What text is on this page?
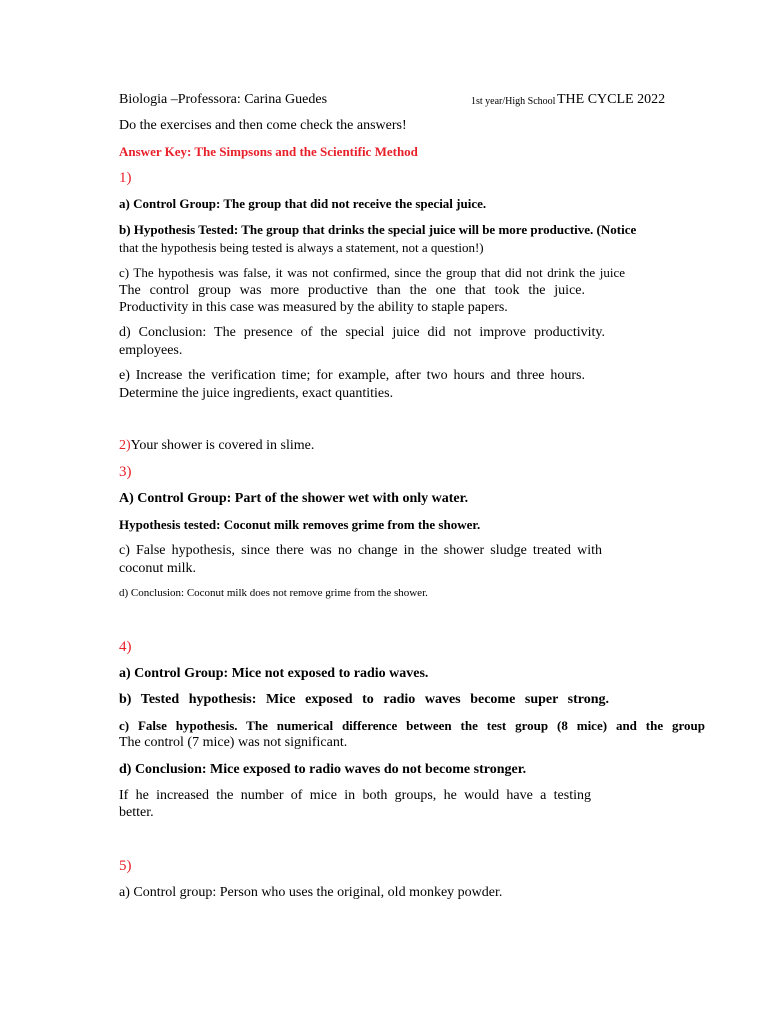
Biologia –Professora: Carina Guedes	1st year/High School THE CYCLE 2022
Do the exercises and then come check the answers!
Answer Key: The Simpsons and the Scientific Method
1)
a) Control Group: The group that did not receive the special juice.
b) Hypothesis Tested: The group that drinks the special juice will be more productive. (Notice
that the hypothesis being tested is always a statement, not a question!)
c) The hypothesis was false, it was not confirmed, since the group that did not drink the juice
The control group was more productive than the one that took the juice.
Productivity in this case was measured by the ability to staple papers.
d) Conclusion: The presence of the special juice did not improve productivity.
employees.
e) Increase the verification time; for example, after two hours and three hours.
Determine the juice ingredients, exact quantities.
2)Your shower is covered in slime.
3)
A) Control Group: Part of the shower wet with only water.
Hypothesis tested: Coconut milk removes grime from the shower.
c) False hypothesis, since there was no change in the shower sludge treated with
coconut milk.
d) Conclusion: Coconut milk does not remove grime from the shower.
4)
a) Control Group: Mice not exposed to radio waves.
b) Tested hypothesis: Mice exposed to radio waves become super strong.
c) False hypothesis. The numerical difference between the test group (8 mice) and the group
The control (7 mice) was not significant.
d) Conclusion: Mice exposed to radio waves do not become stronger.
If he increased the number of mice in both groups, he would have a testing
better.
5)
a) Control group: Person who uses the original, old monkey powder.
